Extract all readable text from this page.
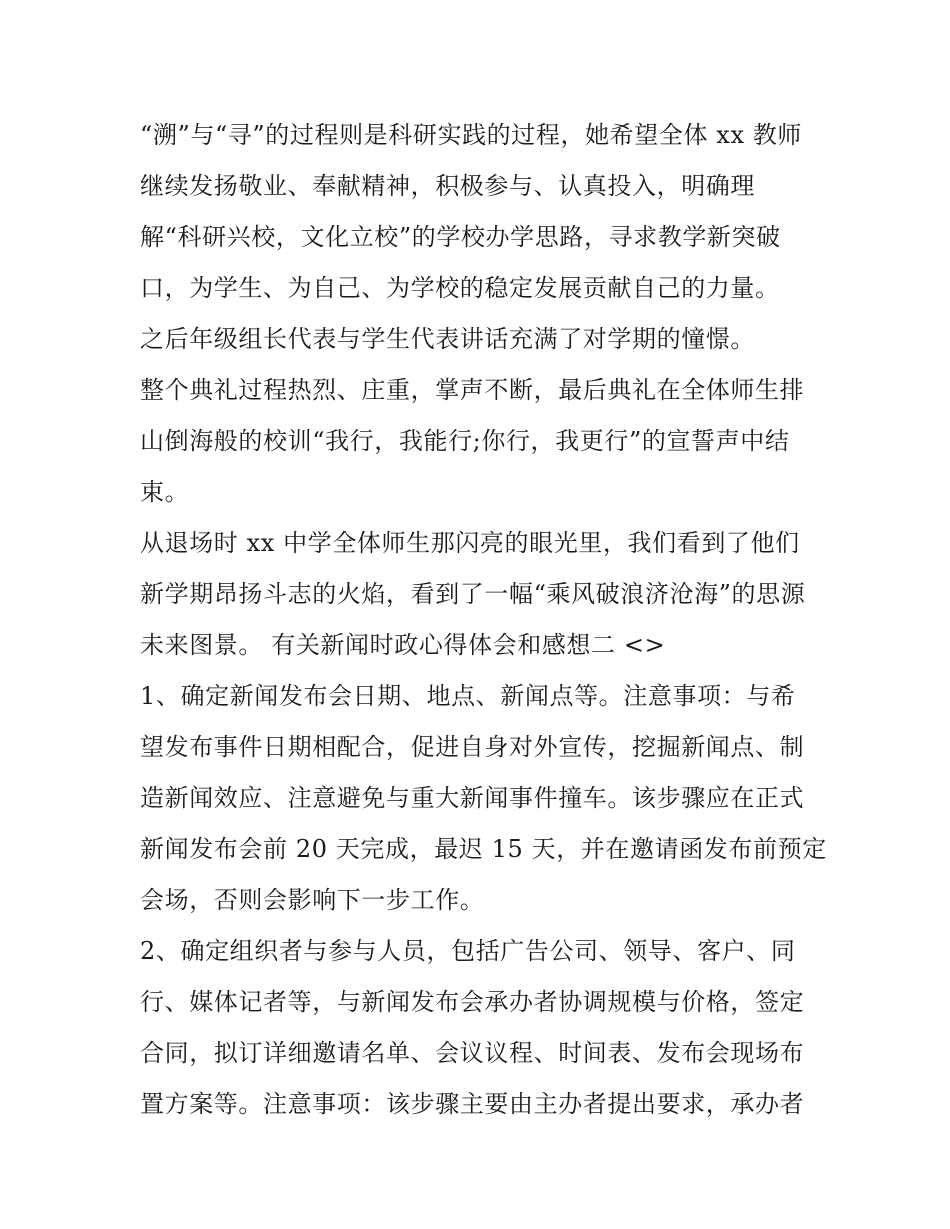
“溯”与“寻”的过程则是科研实践的过程，她希望全体 xx 教师
继续发扬敬业、奉献精神，积极参与、认真投入，明确理
解“科研兴校，文化立校”的学校办学思路，寻求教学新突破
口，为学生、为自己、为学校的稳定发展贡献自己的力量。
之后年级组长代表与学生代表讲话充满了对学期的憧憬。
整个典礼过程热烈、庄重，掌声不断，最后典礼在全体师生排
山倒海般的校训“我行，我能行;你行，我更行”的宣誓声中结
束。
从退场时 xx 中学全体师生那闪亮的眼光里，我们看到了他们
新学期昂扬斗志的火焰，看到了一幅“乘风破浪济沧海”的思源
未来图景。 有关新闻时政心得体会和感想二 <>
1、确定新闻发布会日期、地点、新闻点等。注意事项：与希
望发布事件日期相配合，促进自身对外宣传，挖掘新闻点、制
造新闻效应、注意避免与重大新闻事件撞车。该步骤应在正式
新闻发布会前 20 天完成，最迟 15 天，并在邀请函发布前预定
会场，否则会影响下一步工作。
2、确定组织者与参与人员，包括广告公司、领导、客户、同
行、媒体记者等，与新闻发布会承办者协调规模与价格，签定
合同，拟订详细邀请名单、会议议程、时间表、发布会现场布
置方案等。注意事项：该步骤主要由主办者提出要求，承办者
